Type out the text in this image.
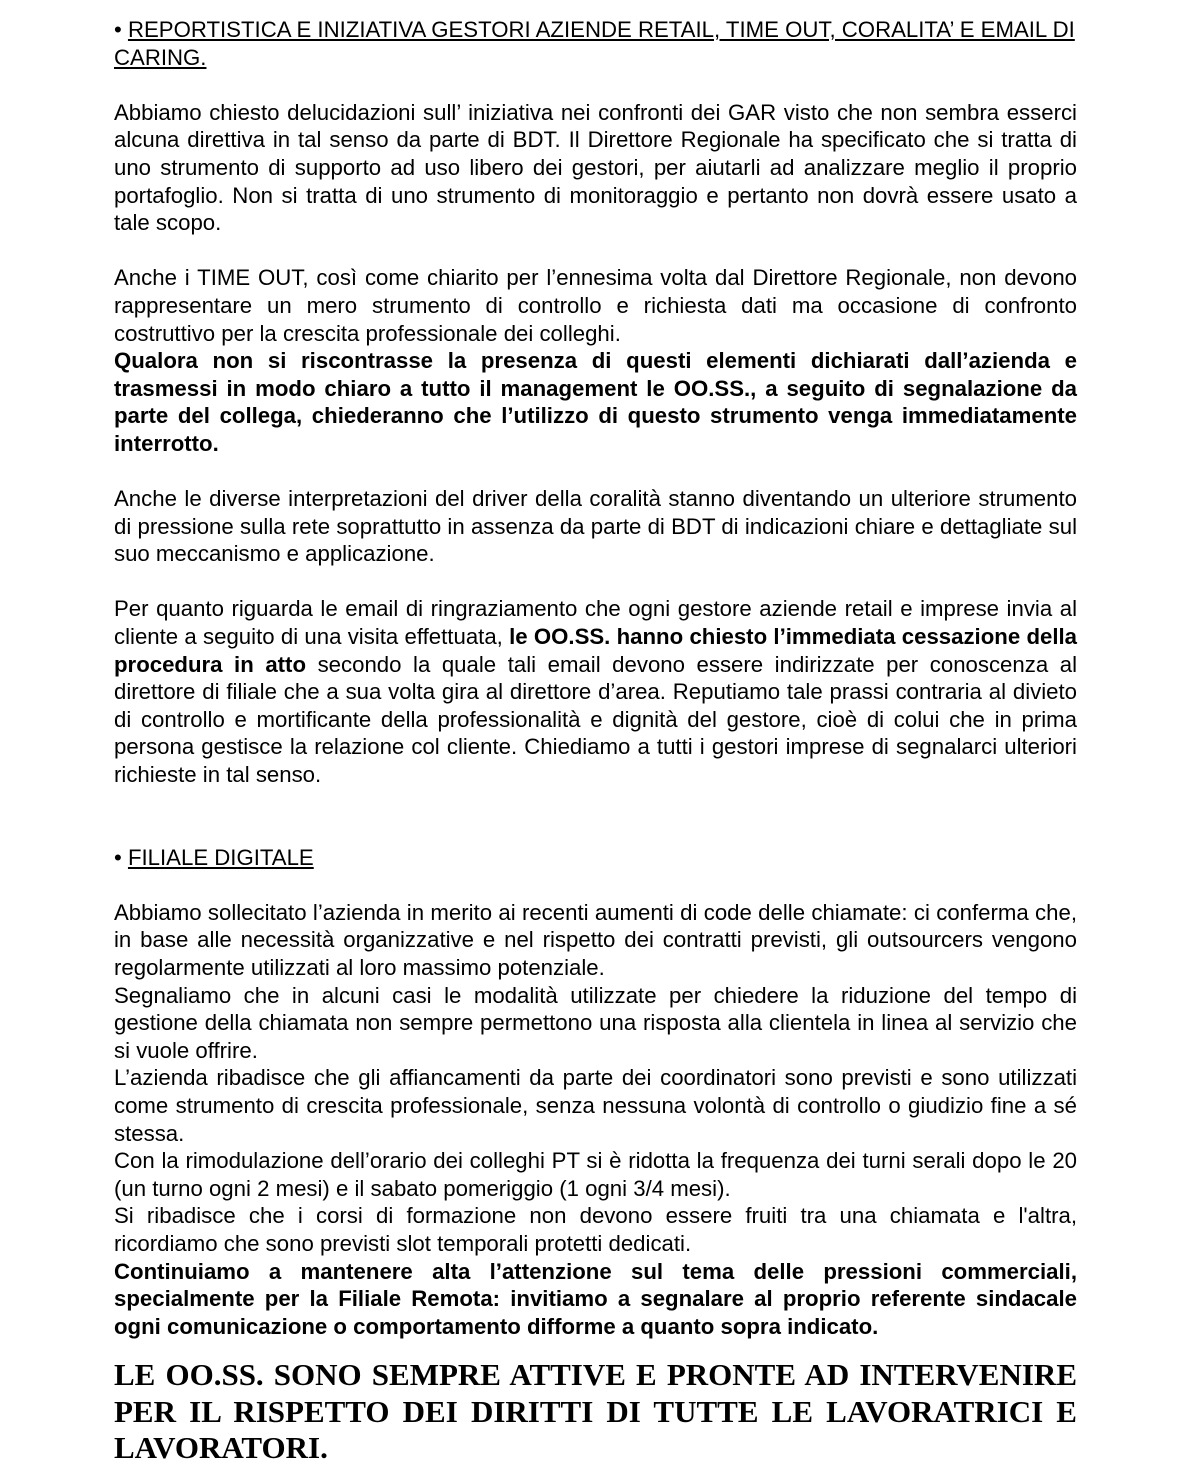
• REPORTISTICA E INIZIATIVA GESTORI AZIENDE RETAIL, TIME OUT, CORALITA’ E EMAIL DI CARING.

Abbiamo chiesto delucidazioni sull’ iniziativa nei confronti dei GAR visto che non sembra esserci alcuna direttiva in tal senso da parte di BDT. Il Direttore Regionale ha specificato che si tratta di uno strumento di supporto ad uso libero dei gestori, per aiutarli ad analizzare meglio il proprio portafoglio. Non si tratta di uno strumento di monitoraggio e pertanto non dovrà essere usato a tale scopo.

Anche i TIME OUT, così come chiarito per l’ennesima volta dal Direttore Regionale, non devono rappresentare un mero strumento di controllo e richiesta dati ma occasione di confronto costruttivo per la crescita professionale dei colleghi.

Qualora non si riscontrasse la presenza di questi elementi dichiarati dall’azienda e trasmessi in modo chiaro a tutto il management le OO.SS., a seguito di segnalazione da parte del collega, chiederanno che l’utilizzo di questo strumento venga immediatamente interrotto.

Anche le diverse interpretazioni del driver della coralità stanno diventando un ulteriore strumento di pressione sulla rete soprattutto in assenza da parte di BDT di indicazioni chiare e dettagliate sul suo meccanismo e applicazione.

Per quanto riguarda le email di ringraziamento che ogni gestore aziende retail e imprese invia al cliente a seguito di una visita effettuata, le OO.SS. hanno chiesto l’immediata cessazione della procedura in atto secondo la quale tali email devono essere indirizzate per conoscenza al direttore di filiale che a sua volta gira al direttore d’area. Reputiamo tale prassi contraria al divieto di controllo e mortificante della professionalità e dignità del gestore, cioè di colui che in prima persona gestisce la relazione col cliente. Chiediamo a tutti i gestori imprese di segnalarci ulteriori richieste in tal senso.

• FILIALE DIGITALE

Abbiamo sollecitato l’azienda in merito ai recenti aumenti di code delle chiamate: ci conferma che, in base alle necessità organizzative e nel rispetto dei contratti previsti, gli outsourcers vengono regolarmente utilizzati al loro massimo potenziale.

Segnaliamo che in alcuni casi le modalità utilizzate per chiedere la riduzione del tempo di gestione della chiamata non sempre permettono una risposta alla clientela in linea al servizio che si vuole offrire.

L’azienda ribadisce che gli affiancamenti da parte dei coordinatori sono previsti e sono utilizzati come strumento di crescita professionale, senza nessuna volontà di controllo o giudizio fine a sé stessa.

Con la rimodulazione dell’orario dei colleghi PT si è ridotta la frequenza dei turni serali dopo le 20 (un turno ogni 2 mesi) e il sabato pomeriggio (1 ogni 3/4 mesi).

Si ribadisce che i corsi di formazione non devono essere fruiti tra una chiamata e l'altra, ricordiamo che sono previsti slot temporali protetti dedicati.

Continuiamo a mantenere alta l’attenzione sul tema delle pressioni commerciali, specialmente per la Filiale Remota: invitiamo a segnalare al proprio referente sindacale ogni comunicazione o comportamento difforme a quanto sopra indicato.

LE OO.SS. SONO SEMPRE ATTIVE E PRONTE AD INTERVENIRE PER IL RISPETTO DEI DIRITTI DI TUTTE LE LAVORATRICI E LAVORATORI.
